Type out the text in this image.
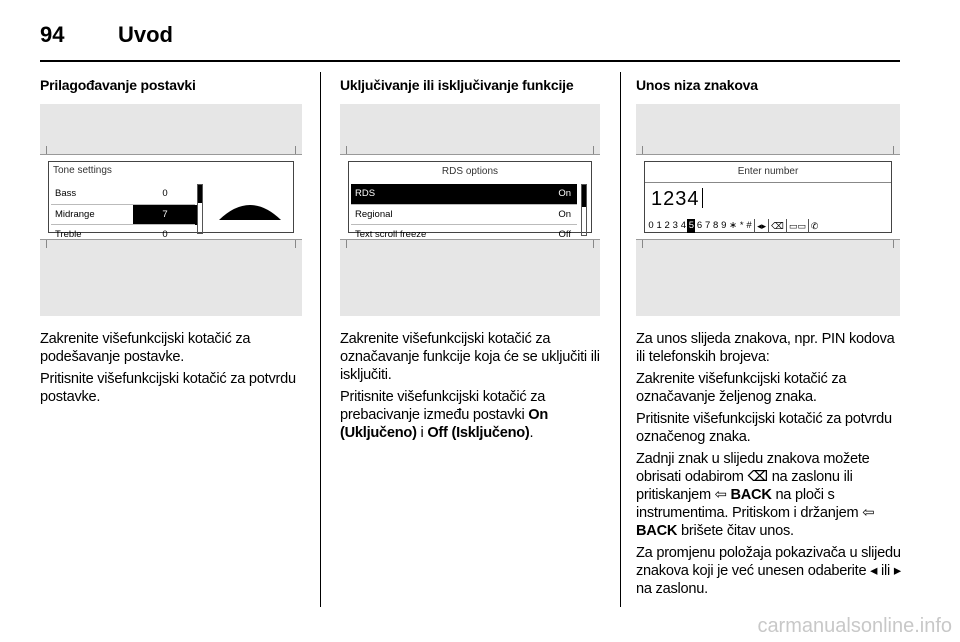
94 Uvod
Prilagođavanje postavki
Tone settings
Bass	0
Midrange	7
Treble	0

Zakrenite višefunkcijski kotačić za podešavanje postavke.

Pritisnite višefunkcijski kotačić za potvrdu postavke.

Uključivanje ili isključivanje funkcije
RDS options
RDS	On
Regional	On
Text scroll freeze	Off

Zakrenite višefunkcijski kotačić za označavanje funkcije koja će se uključiti ili isključiti.

Pritisnite višefunkcijski kotačić za prebacivanje između postavki On (Uključeno) i Off (Isključeno).

Unos niza znakova
Enter number
1234
0 1 2 3 4 5 6 7 8 9 ∗ * # ◂▸ ⌫ ▭▭ ✆

Za unos slijeda znakova, npr. PIN kodova ili telefonskih brojeva:

Zakrenite višefunkcijski kotačić za označavanje željenog znaka.

Pritisnite višefunkcijski kotačić za potvrdu označenog znaka.

Zadnji znak u slijedu znakova možete obrisati odabirom ⌫ na zaslonu ili pritiskanjem ⇦ BACK na ploči s instrumentima. Pritiskom i držanjem ⇦ BACK brišete čitav unos.

Za promjenu položaja pokazivača u slijedu znakova koji je već unesen odaberite ◂ ili ▸ na zaslonu.

carmanualsonline.info
